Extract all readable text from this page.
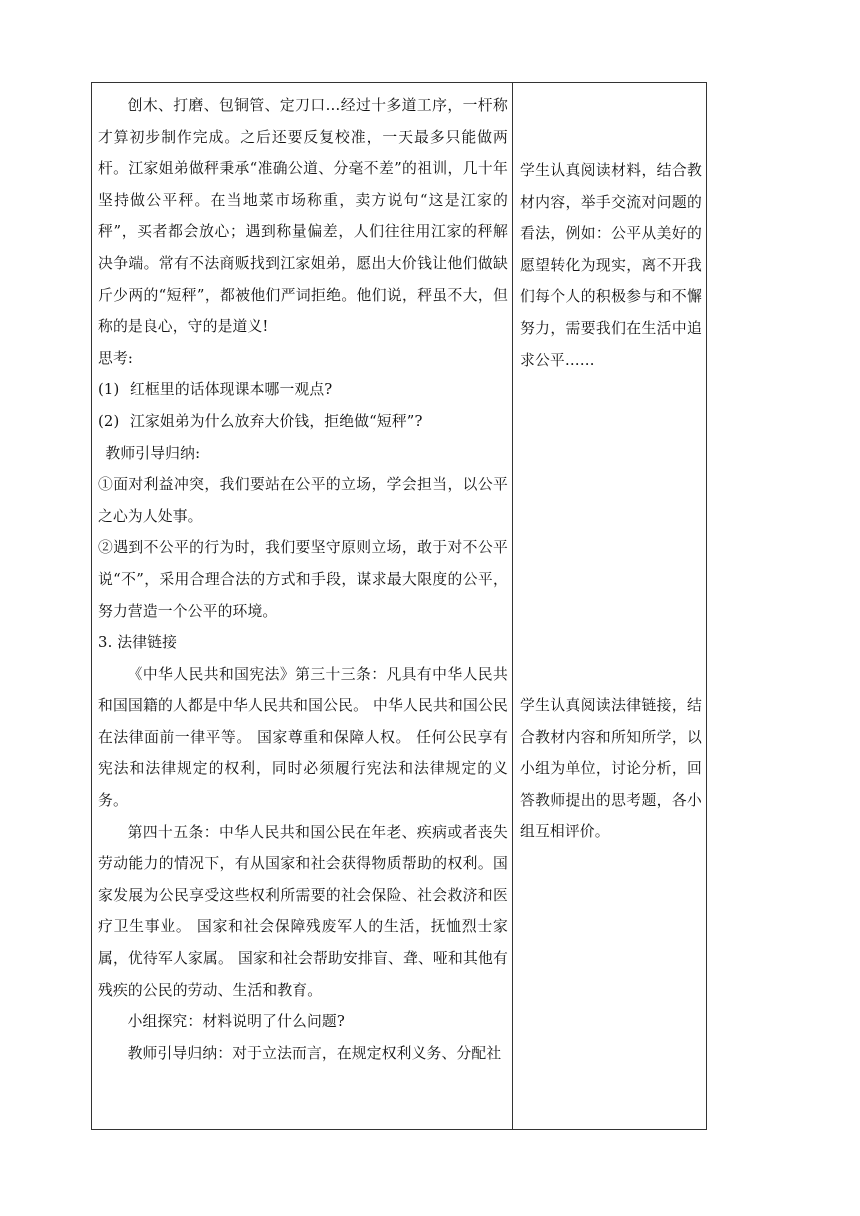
创木、打磨、包铜管、定刀口…经过十多道工序，一杆称才算初步制作完成。之后还要反复校准，一天最多只能做两杆。江家姐弟做秤秉承“准确公道、分毫不差”的祖训，几十年坚持做公平秤。在当地菜市场称重，卖方说句“这是江家的秤”，买者都会放心；遇到称量偏差，人们往往用江家的秤解决争端。常有不法商贩找到江家姐弟，愿出大价钱让他们做缺斤少两的“短秤”，都被他们严词拒绝。他们说，秤虽不大，但称的是良心，守的是道义!

思考:

(1) 红框里的话体现课本哪一观点?

(2) 江家姐弟为什么放弃大价钱，拒绝做“短秤”?

教师引导归纳:

①面对利益冲突，我们要站在公平的立场，学会担当，以公平之心为人处事。

②遇到不公平的行为时，我们要坚守原则立场，敢于对不公平说“不”，采用合理合法的方式和手段，谋求最大限度的公平，努力营造一个公平的环境。

3. 法律链接

《中华人民共和国宪法》第三十三条：凡具有中华人民共和国国籍的人都是中华人民共和国公民。 中华人民共和国公民在法律面前一律平等。 国家尊重和保障人权。 任何公民享有宪法和法律规定的权利，同时必须履行宪法和法律规定的义务。

第四十五条：中华人民共和国公民在年老、疾病或者丧失劳动能力的情况下，有从国家和社会获得物质帮助的权利。国家发展为公民享受这些权利所需要的社会保险、社会救济和医疗卫生事业。 国家和社会保障残废军人的生活，抚恤烈士家属，优待军人家属。 国家和社会帮助安排盲、聋、哑和其他有残疾的公民的劳动、生活和教育。

小组探究：材料说明了什么问题?

教师引导归纳：对于立法而言，在规定权利义务、分配社

学生认真阅读材料，结合教材内容，举手交流对问题的看法，例如：公平从美好的愿望转化为现实，离不开我们每个人的积极参与和不懈努力，需要我们在生活中追求公平……

学生认真阅读法律链接，结合教材内容和所知所学，以小组为单位，讨论分析，回答教师提出的思考题，各小组互相评价。
